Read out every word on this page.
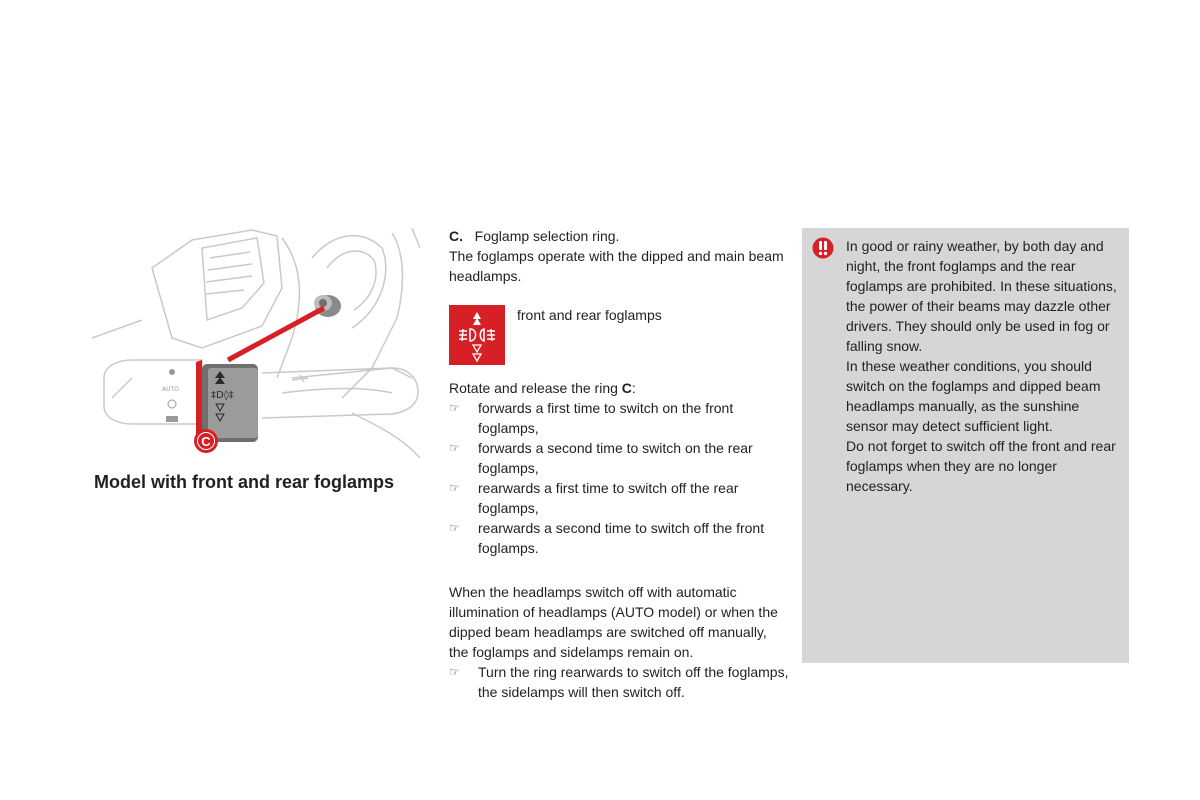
‡D◊‡
AUTO
C
Model with front and rear foglamps

C. Foglamp selection ring.

The foglamps operate with the dipped and main beam headlamps.

front and rear foglamps

Rotate and release the ring C:

☞ forwards a first time to switch on the front foglamps,
☞ forwards a second time to switch on the rear foglamps,
☞ rearwards a first time to switch off the rear foglamps,
☞ rearwards a second time to switch off the front foglamps.

When the headlamps switch off with automatic illumination of headlamps (AUTO model) or when the dipped beam headlamps are switched off manually, the foglamps and sidelamps remain on.

☞ Turn the ring rearwards to switch off the foglamps, the sidelamps will then switch off.
In good or rainy weather, by both day and night, the front foglamps and the rear foglamps are prohibited. In these situations, the power of their beams may dazzle other drivers. They should only be used in fog or falling snow.
In these weather conditions, you should switch on the foglamps and dipped beam headlamps manually, as the sunshine sensor may detect sufficient light.
Do not forget to switch off the front and rear foglamps when they are no longer necessary.
